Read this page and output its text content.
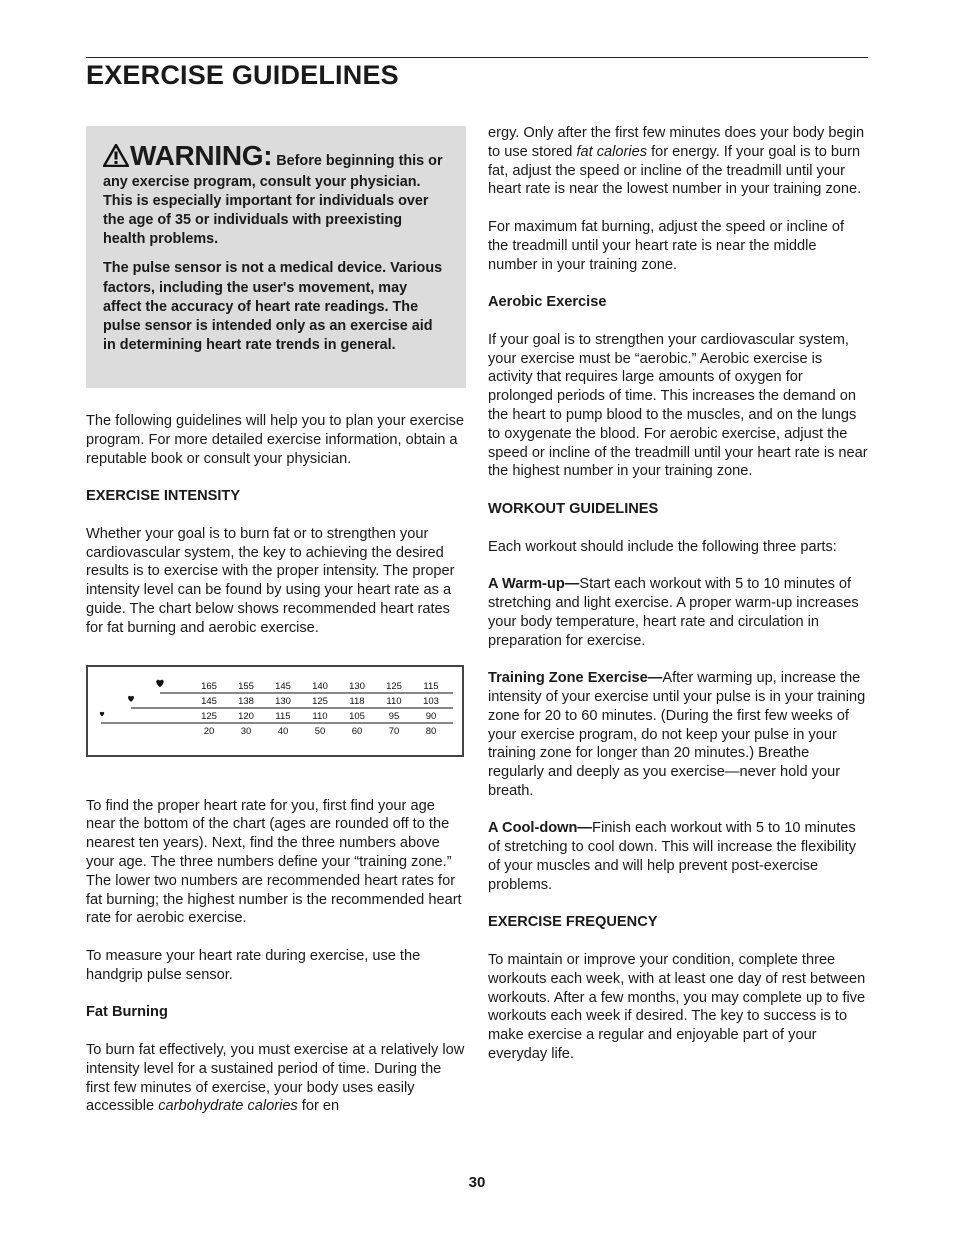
EXERCISE GUIDELINES

WARNING: Before beginning this or any exercise program, consult your physician. This is especially important for individuals over the age of 35 or individuals with preexisting health problems.

The pulse sensor is not a medical device. Various factors, including the user's movement, may affect the accuracy of heart rate readings. The pulse sensor is intended only as an exercise aid in determining heart rate trends in general.

The following guidelines will help you to plan your exercise program. For more detailed exercise information, obtain a reputable book or consult your physician.

EXERCISE INTENSITY

Whether your goal is to burn fat or to strengthen your cardiovascular system, the key to achieving the desired results is to exercise with the proper intensity. The proper intensity level can be found by using your heart rate as a guide. The chart below shows recommended heart rates for fat burning and aerobic exercise.

165 155 145 140 130 125 115
145 138 130 125 118 110 103
125 120 115 110 105	95	90
20	30	40	50	60	70	80

To find the proper heart rate for you, first find your age near the bottom of the chart (ages are rounded off to the nearest ten years). Next, find the three numbers above your age. The three numbers define your “training zone.” The lower two numbers are recommended heart rates for fat burning; the highest number is the recommended heart rate for aerobic exercise.

To measure your heart rate during exercise, use the handgrip pulse sensor.

Fat Burning

To burn fat effectively, you must exercise at a relatively low intensity level for a sustained period of time. During the first few minutes of exercise, your body uses easily accessible carbohydrate calories for en

ergy. Only after the first few minutes does your body begin to use stored fat calories for energy. If your goal is to burn fat, adjust the speed or incline of the treadmill until your heart rate is near the lowest number in your training zone.

For maximum fat burning, adjust the speed or incline of the treadmill until your heart rate is near the middle number in your training zone.

Aerobic Exercise

If your goal is to strengthen your cardiovascular system, your exercise must be “aerobic.” Aerobic exercise is activity that requires large amounts of oxygen for prolonged periods of time. This increases the demand on the heart to pump blood to the muscles, and on the lungs to oxygenate the blood. For aerobic exercise, adjust the speed or incline of the treadmill until your heart rate is near the highest number in your training zone.

WORKOUT GUIDELINES

Each workout should include the following three parts:

A Warm-up—Start each workout with 5 to 10 minutes of stretching and light exercise. A proper warm-up increases your body temperature, heart rate and circulation in preparation for exercise.

Training Zone Exercise—After warming up, increase the intensity of your exercise until your pulse is in your training zone for 20 to 60 minutes. (During the first few weeks of your exercise program, do not keep your pulse in your training zone for longer than 20 minutes.) Breathe regularly and deeply as you exercise—never hold your breath.

A Cool-down—Finish each workout with 5 to 10 minutes of stretching to cool down. This will increase the flexibility of your muscles and will help prevent post-exercise problems.

EXERCISE FREQUENCY

To maintain or improve your condition, complete three workouts each week, with at least one day of rest between workouts. After a few months, you may complete up to five workouts each week if desired. The key to success is to make exercise a regular and enjoyable part of your everyday life.

30
